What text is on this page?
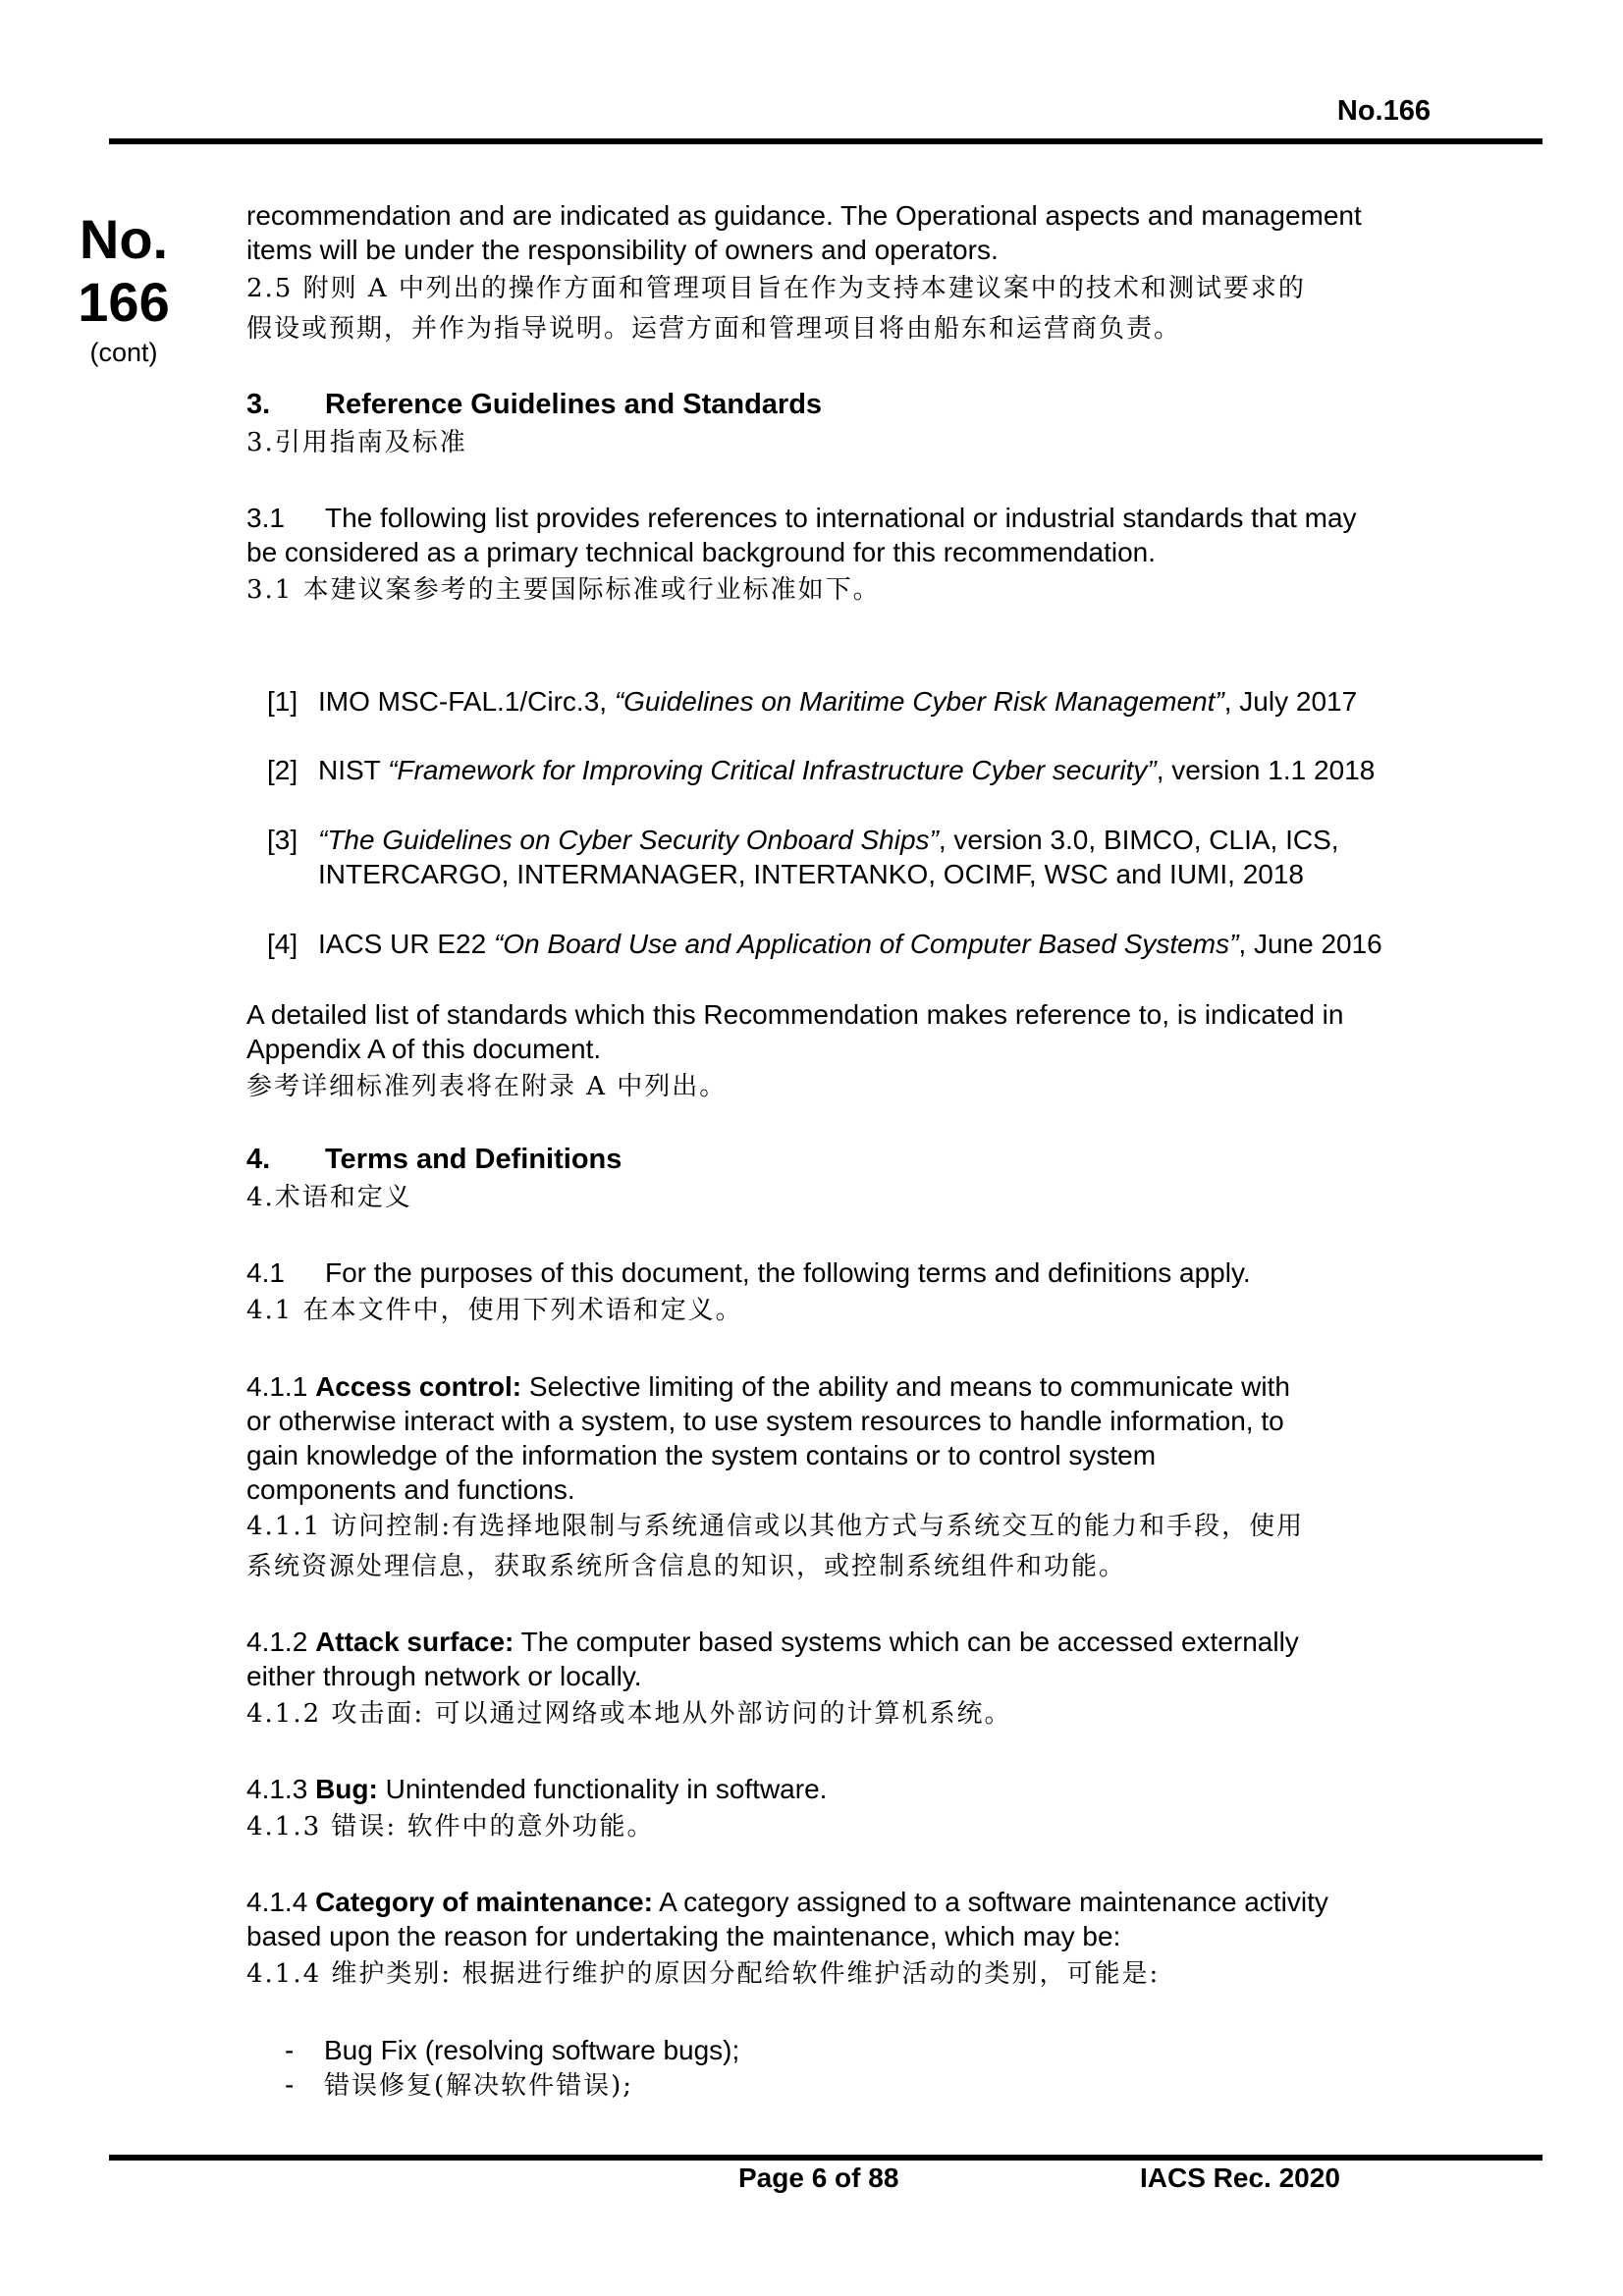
No.166
No.
166
(cont)
recommendation and are indicated as guidance. The Operational aspects and management
items will be under the responsibility of owners and operators.
2.5 附则 A 中列出的操作方面和管理项目旨在作为支持本建议案中的技术和测试要求的
假设或预期，并作为指导说明。运营方面和管理项目将由船东和运营商负责。
3. Reference Guidelines and Standards
3.引用指南及标准
3.1 The following list provides references to international or industrial standards that may
be considered as a primary technical background for this recommendation.
3.1 本建议案参考的主要国际标准或行业标准如下。
[1] IMO MSC-FAL.1/Circ.3, “Guidelines on Maritime Cyber Risk Management”, July 2017
[2] NIST “Framework for Improving Critical Infrastructure Cyber security”, version 1.1 2018
[3] “The Guidelines on Cyber Security Onboard Ships”, version 3.0, BIMCO, CLIA, ICS,
INTERCARGO, INTERMANAGER, INTERTANKO, OCIMF, WSC and IUMI, 2018
[4] IACS UR E22 “On Board Use and Application of Computer Based Systems”, June 2016
A detailed list of standards which this Recommendation makes reference to, is indicated in
Appendix A of this document.
参考详细标准列表将在附录 A 中列出。
4. Terms and Definitions
4.术语和定义
4.1 For the purposes of this document, the following terms and definitions apply.
4.1 在本文件中，使用下列术语和定义。
4.1.1 Access control: Selective limiting of the ability and means to communicate with
or otherwise interact with a system, to use system resources to handle information, to
gain knowledge of the information the system contains or to control system
components and functions.
4.1.1 访问控制:有选择地限制与系统通信或以其他方式与系统交互的能力和手段，使用
系统资源处理信息，获取系统所含信息的知识，或控制系统组件和功能。
4.1.2 Attack surface: The computer based systems which can be accessed externally
either through network or locally.
4.1.2 攻击面: 可以通过网络或本地从外部访问的计算机系统。
4.1.3 Bug: Unintended functionality in software.
4.1.3 错误: 软件中的意外功能。
4.1.4 Category of maintenance: A category assigned to a software maintenance activity
based upon the reason for undertaking the maintenance, which may be:
4.1.4 维护类别: 根据进行维护的原因分配给软件维护活动的类别，可能是:
- Bug Fix (resolving software bugs);
- 错误修复(解决软件错误);
Page 6 of 88	IACS Rec. 2020
